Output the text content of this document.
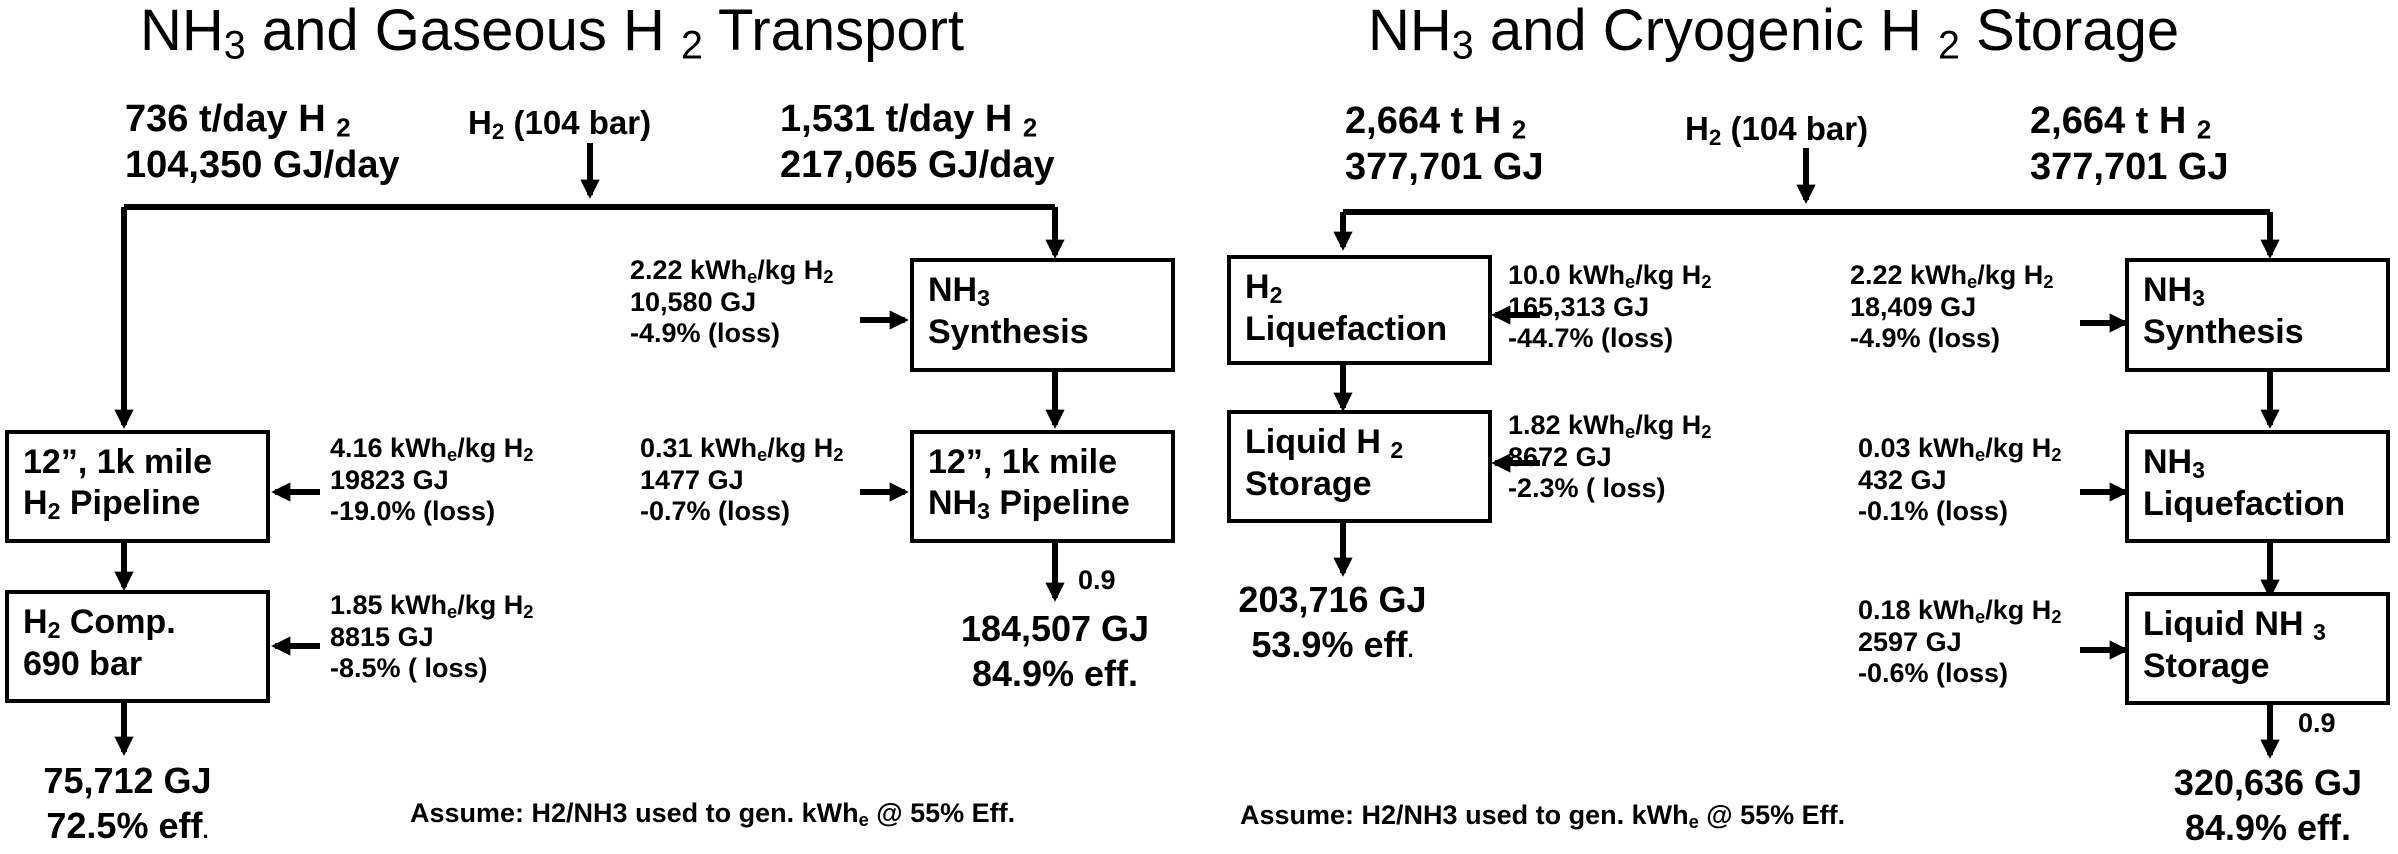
$NH_3$ and Gaseous H $_2$ Transport
736 t/day H $_2$
104,350 GJ/day
$H_2$ (104 bar)	1,531 t/day H $_2$
217,065 GJ/day
2.22 kWh$_e$/kg $H_2$
10,580 GJ
-4.9% (loss)
$NH_3$
Synthesis
12”, 1k mile
$H_2$ Pipeline
4.16 kWh$_e$/kg $H_2$
19823 GJ
-19.0% (loss)
0.31 kWh$_e$/kg $H_2$
1477 GJ
-0.7% (loss)
12”, 1k mile
$NH_3$ Pipeline
$H_2$ Comp.
690 bar
1.85 kWh$_e$/kg $H_2$
8815 GJ
-8.5% ( loss)
0.9
184,507 GJ
84.9% eff.
75,712 GJ
72.5% eff.
Assume: H2/NH3 used to gen. kWh$_e$ @ 55% Eff.
$NH_3$ and Cryogenic H $_2$ Storage
2,664 t H $_2$
377,701 GJ
$H_2$ (104 bar)	2,664 t H $_2$
377,701 GJ
$H_2$
Liquefaction
10.0 kWh$_e$/kg $H_2$
165,313 GJ
-44.7% (loss)
2.22 kWh$_e$/kg $H_2$
18,409 GJ
-4.9% (loss)
$NH_3$
Synthesis
Liquid H $_2$
Storage
1.82 kWh$_e$/kg $H_2$
8672 GJ
-2.3% ( loss)
0.03 kWh$_e$/kg $H_2$
432 GJ
-0.1% (loss)
$NH_3$
Liquefaction
203,716 GJ
53.9% eff.
0.18 kWh$_e$/kg $H_2$
2597 GJ
-0.6% (loss)
Liquid NH $_3$
Storage
0.9
320,636 GJ
84.9% eff.
Assume: H2/NH3 used to gen. kWh$_e$ @ 55% Eff.
